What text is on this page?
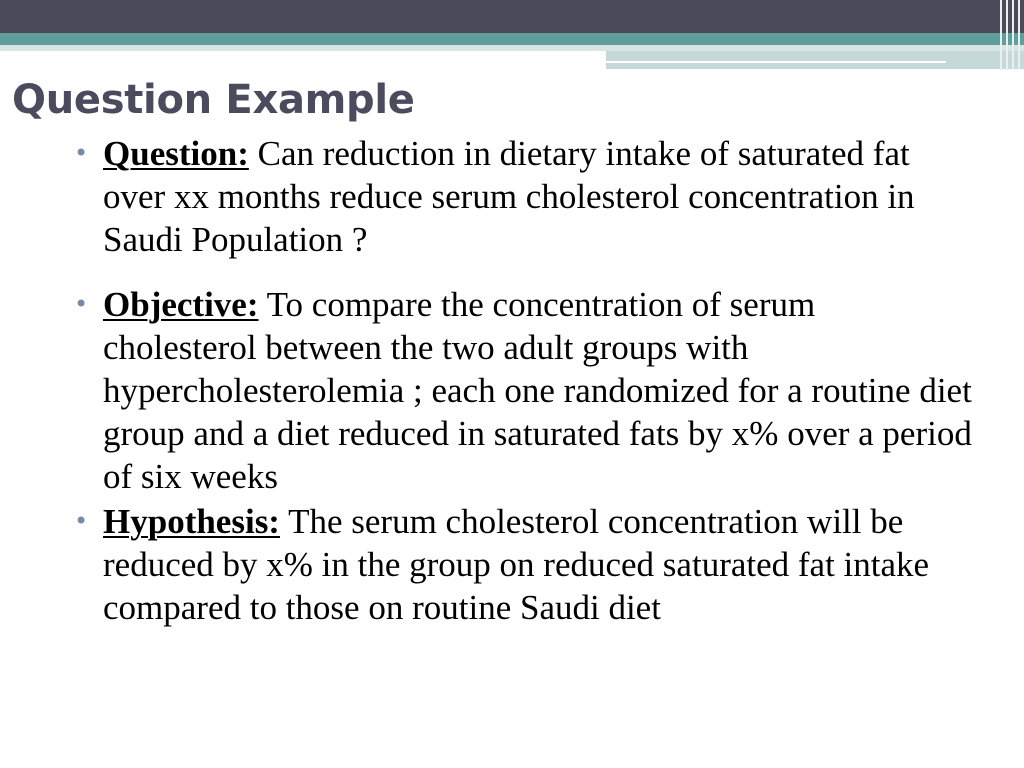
Question Example

• Question: Can reduction in dietary intake of saturated fat over xx months reduce serum cholesterol concentration in Saudi Population ?

• Objective: To compare the concentration of serum cholesterol between the two adult groups with hypercholesterolemia ; each one randomized for a routine diet group and a diet reduced in saturated fats by x% over a period of six weeks

• Hypothesis: The serum cholesterol concentration will be reduced by x% in the group on reduced saturated fat intake compared to those on routine Saudi diet
